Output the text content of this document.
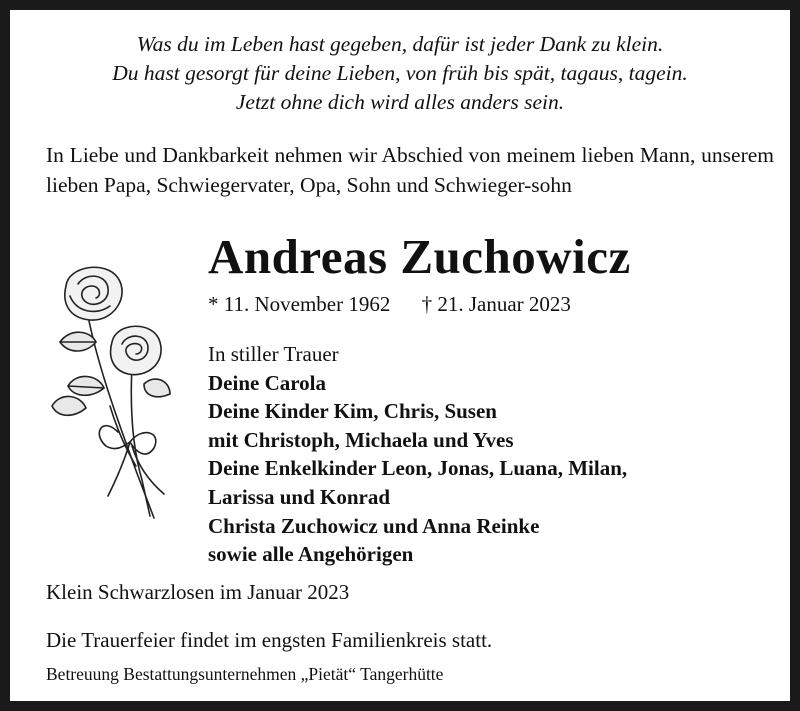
Was du im Leben hast gegeben, dafür ist jeder Dank zu klein.
Du hast gesorgt für deine Lieben, von früh bis spät, tagaus, tagein.
Jetzt ohne dich wird alles anders sein.
In Liebe und Dankbarkeit nehmen wir Abschied von meinem lieben Mann, unserem lieben Papa, Schwiegervater, Opa, Sohn und Schwieger-sohn
Andreas Zuchowicz
* 11. November 1962 † 21. Januar 2023
In stiller Trauer
Deine Carola
Deine Kinder Kim, Chris, Susen
mit Christoph, Michaela und Yves
Deine Enkelkinder Leon, Jonas, Luana, Milan,
Larissa und Konrad
Christa Zuchowicz und Anna Reinke
sowie alle Angehörigen
Klein Schwarzlosen im Januar 2023
Die Trauerfeier findet im engsten Familienkreis statt.
Betreuung Bestattungsunternehmen „Pietät“ Tangerhütte
